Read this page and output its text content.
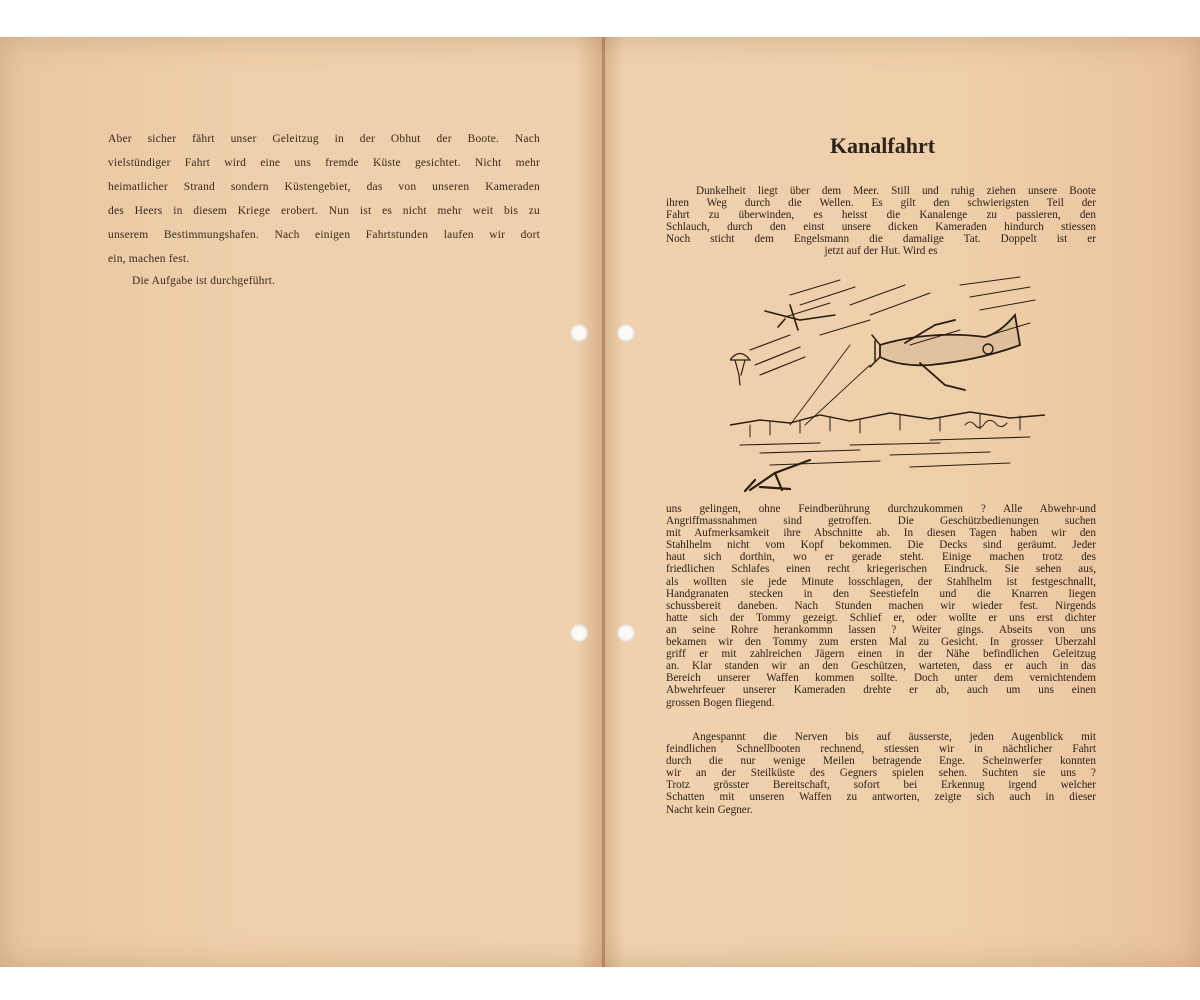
Aber sicher fährt unser Geleitzug in der Obhut der Boote. Nach
vielstündiger Fahrt wird eine uns fremde Küste gesichtet. Nicht mehr
heimatlicher Strand sondern Küstengebiet, das von unseren Kameraden
des Heers in diesem Kriege erobert. Nun ist es nicht mehr weit bis zu
unserem Bestimmungshafen. Nach einigen Fahrtstunden laufen wir dort
ein, machen fest.
Die Aufgabe ist durchgeführt.
Kanalfahrt
Dunkelheit liegt über dem Meer. Still und ruhig ziehen unsere Boote
ihren Weg durch die Wellen. Es gilt den schwierigsten Teil der
Fahrt zu überwinden, es heisst die Kanalenge zu passieren, den
Schlauch, durch den einst unsere dicken Kameraden hindurch stiessen
Noch sticht dem Engelsmann die damalige Tat. Doppelt ist er
jetzt auf der Hut. Wird es
uns gelingen, ohne Feindberührung durchzukommen ? Alle Abwehr-und
Angriffmassnahmen sind getroffen. Die Geschützbedienungen suchen
mit Aufmerksamkeit ihre Abschnitte ab. In diesen Tagen haben wir den
Stahlhelm nicht vom Kopf bekommen. Die Decks sind geräumt. Jeder
haut sich dorthin, wo er gerade steht. Einige machen trotz des
friedlichen Schlafes einen recht kriegerischen Eindruck. Sie sehen aus,
als wollten sie jede Minute losschlagen, der Stahlhelm ist festgeschnallt,
Handgranaten stecken in den Seestiefeln und die Knarren liegen
schussbereit daneben. Nach Stunden machen wir wieder fest. Nirgends
hatte sich der Tommy gezeigt. Schlief er, oder wollte er uns erst dichter
an seine Rohre herankommn lassen ? Weiter gings. Abseits von uns
bekamen wir den Tommy zum ersten Mal zu Gesicht. In grosser Uberzahl
griff er mit zahlreichen Jägern einen in der Nähe befindlichen Geleitzug
an. Klar standen wir an den Geschützen, warteten, dass er auch in das
Bereich unserer Waffen kommen sollte. Doch unter dem vernichtendem
Abwehrfeuer unserer Kameraden drehte er ab, auch um uns einen
grossen Bogen fliegend.
Angespannt die Nerven bis auf äusserste, jeden Augenblick mit
feindlichen Schnellbooten rechnend, stiessen wir in nächtlicher Fahrt
durch die nur wenige Meilen betragende Enge. Scheinwerfer konnten
wir an der Steilküste des Gegners spielen sehen. Suchten sie uns ?
Trotz grösster Bereitschaft, sofort bei Erkennug irgend welcher
Schatten mit unseren Waffen zu antworten, zeigte sich auch in dieser
Nacht kein Gegner.
